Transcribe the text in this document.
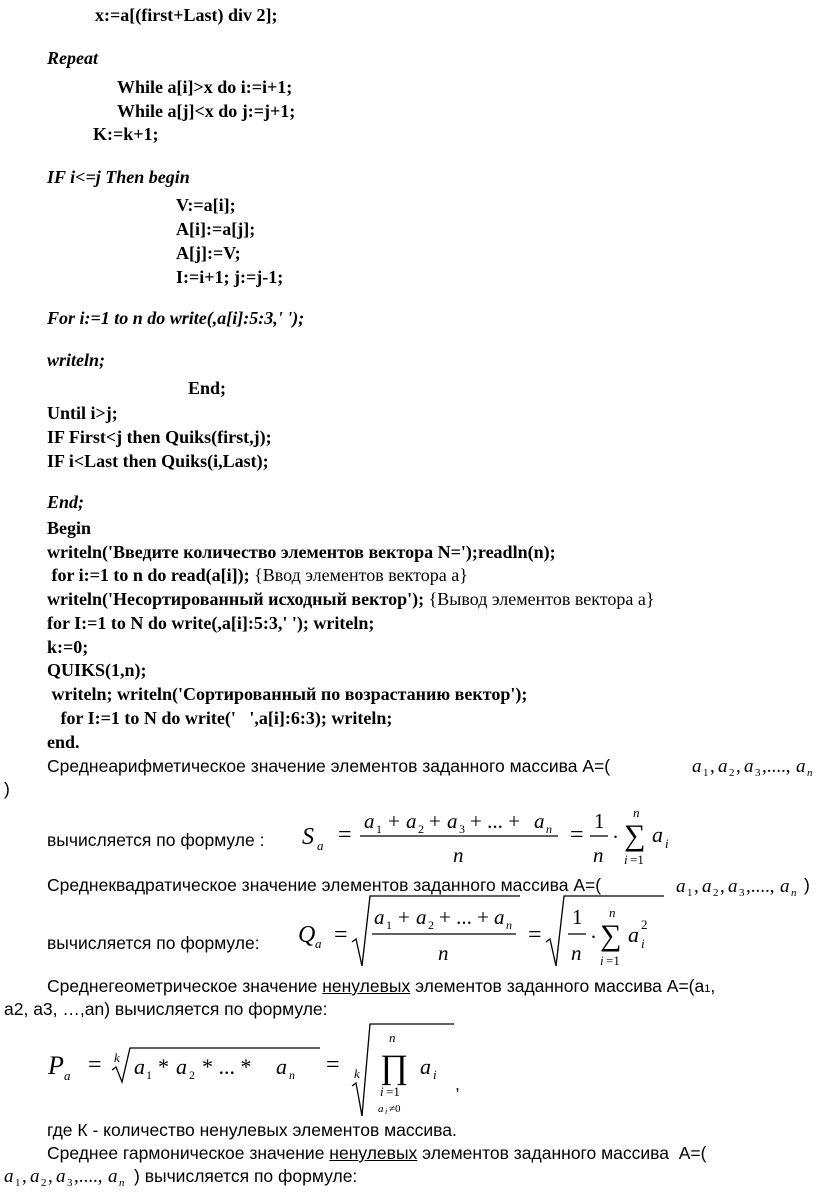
x:=a[(first+Last) div 2];
Repeat
While a[i]>x do i:=i+1;
While a[j]<x do j:=j+1;
K:=k+1;
IF i<=j Then begin
V:=a[i];
A[i]:=a[j];
A[j]:=V;
I:=i+1; j:=j-1;
For i:=1 to n do write(,a[i]:5:3,' ');
writeln;
End;
Until i>j;
IF First<j then Quiks(first,j);
IF i<Last then Quiks(i,Last);
End;
Begin
writeln('Введите количество элементов вектора N=');readln(n);
for i:=1 to n do read(a[i]); {Ввод элементов вектора a}
writeln('Несортированный исходный вектор'); {Вывод элементов вектора a}
for I:=1 to N do write(,a[i]:5:3,' '); writeln;
k:=0;
QUIKS(1,n);
writeln; writeln('Сортированный по возрастанию вектор');
for I:=1 to N do write('   ',a[i]:6:3); writeln;
end.
Среднеарифметическое значение элементов заданного массива A=(	a 1 , a 2 , a 3 ,...., a n
)
вычисляется по формуле : S a =
a 1 + a 2 + a 3 + ... + a n
n
=
1
n
· ∑
n
i =1
a i
Среднеквадратическое значение элементов заданного массива A=(	a 1 , a 2 , a 3 ,...., a n )
вычисляется по формуле: Q a =
a 1 + a 2 + ... + a n
n
=
1
n
· ∑
n
i =1
a 2
i
Среднегеометрическое значение ненулевых элементов заданного массива A=(a1,
a2, a3, …,an) вычисляется по формуле:
P a = k a 1 * a 2 * ... * a n = k ∏
n
i =1
a i ≠0
a i ,
где К - количество ненулевых элементов массива.
Среднее гармоническое значение ненулевых элементов заданного массива  A=(
a 1 , a 2 , a 3 ,...., a n ) вычисляется по формуле:
